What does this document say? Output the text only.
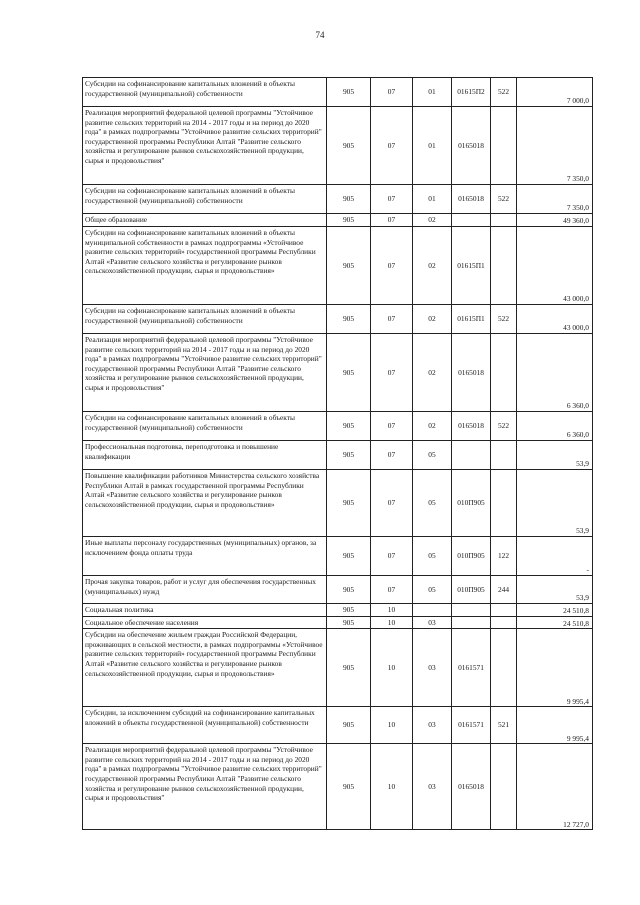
74
Субсидии на софинансирование капитальных вложений в объекты государственной (муниципальной) собственности	905	07	01	01615П2	522	7 000,0
Реализация мероприятий федеральной целевой программы "Устойчивое развитие сельских территорий на 2014 - 2017 годы и на период до 2020 года" в рамках подпрограммы "Устойчивое развитие сельских территорий" государственной программы Республики Алтай "Развитие сельского хозяйства и регулирование рынков сельскохозяйственной продукции, сырья и продовольствия"	905	07	01	0165018		7 350,0
Субсидии на софинансирование капитальных вложений в объекты государственной (муниципальной) собственности	905	07	01	0165018	522	7 350,0
Общее образование	905	07	02			49 360,0
Субсидии на софинансирование капитальных вложений в объекты муниципальной собственности в рамках подпрограммы «Устойчивое развитие сельских территорий» государственной программы Республики Алтай «Развитие сельского хозяйства и регулирование рынков сельскохозяйственной продукции, сырья и продовольствия»	905	07	02	01615П1		43 000,0
Субсидии на софинансирование капитальных вложений в объекты государственной (муниципальной) собственности	905	07	02	01615П1	522	43 000,0
Реализация мероприятий федеральной целевой программы "Устойчивое развитие сельских территорий на 2014 - 2017 годы и на период до 2020 года" в рамках подпрограммы "Устойчивое развитие сельских территорий" государственной программы Республики Алтай "Развитие сельского хозяйства и регулирование рынков сельскохозяйственной продукции, сырья и продовольствия"	905	07	02	0165018		6 360,0
Субсидии на софинансирование капитальных вложений в объекты государственной (муниципальной) собственности	905	07	02	0165018	522	6 360,0
Профессиональная подготовка, переподготовка и повышение квалификации	905	07	05			53,9
Повышение квалификации работников Министерства сельского хозяйства Республики Алтай в рамках государственной программы Республики Алтай «Развитие сельского хозяйства и регулирование рынков сельскохозяйственной продукции, сырья и продовольствия»	905	07	05	010П905		53,9
Иные выплаты персоналу государственных (муниципальных) органов, за исключением фонда оплаты труда	905	07	05	010П905	122	-
Прочая закупка товаров, работ и услуг для обеспечения государственных (муниципальных) нужд	905	07	05	010П905	244	53,9
Социальная политика	905	10				24 510,8
Социальное обеспечение населения	905	10	03			24 510,8
Субсидии на обеспечение жильем граждан Российской Федерации, проживающих в сельской местности, в рамках подпрограммы «Устойчивое развитие сельских территорий» государственной программы Республики Алтай «Развитие сельского хозяйства и регулирование рынков сельскохозяйственной продукции, сырья и продовольствия»	905	10	03	0161571		9 995,4
Субсидии, за исключением субсидий на софинансирование капитальных вложений в объекты государственной (муниципальной) собственности	905	10	03	0161571	521	9 995,4
Реализация мероприятий федеральной целевой программы "Устойчивое развитие сельских территорий на 2014 - 2017 годы и на период до 2020 года" в рамках подпрограммы "Устойчивое развитие сельских территорий" государственной программы Республики Алтай "Развитие сельского хозяйства и регулирование рынков сельскохозяйственной продукции, сырья и продовольствия"	905	10	03	0165018		12 727,0
